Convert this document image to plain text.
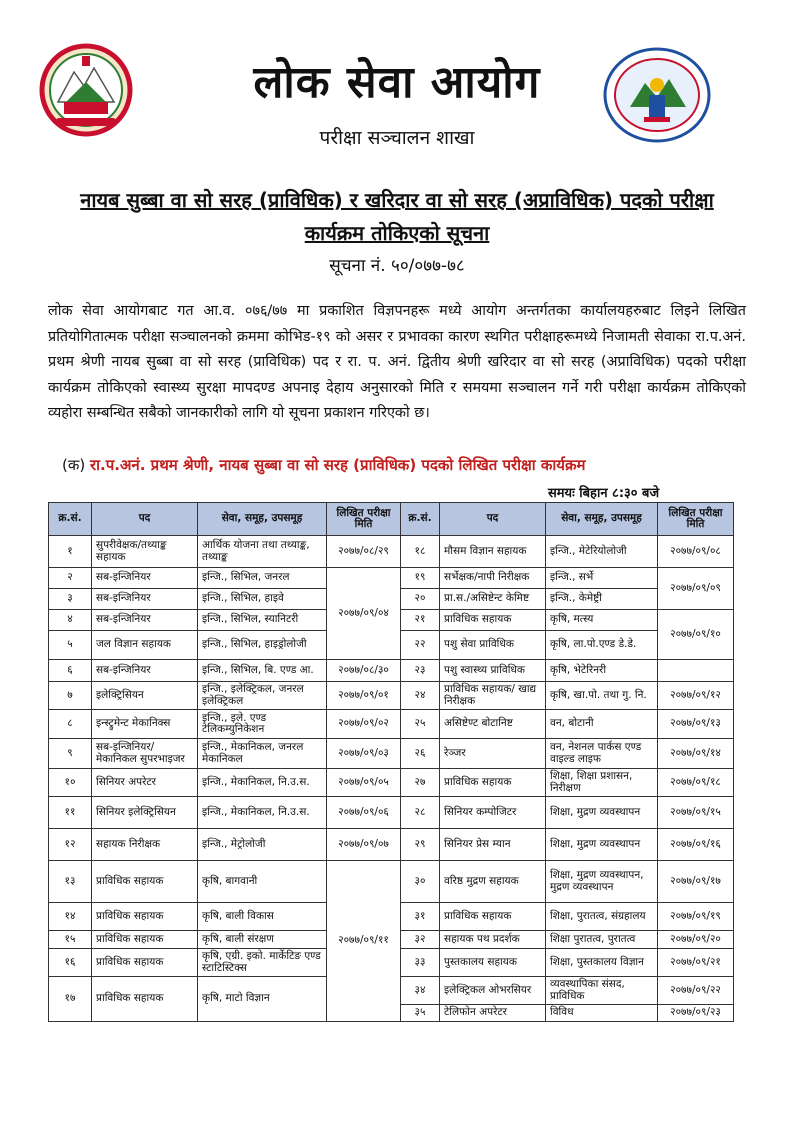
लोक सेवा आयोग
परीक्षा सञ्चालन शाखा
नायब सुब्बा वा सो सरह (प्राविधिक) र खरिदार वा सो सरह (अप्राविधिक) पदको परीक्षा कार्यक्रम तोकिएको सूचना
सूचना नं. ५०/०७७-७८
लोक सेवा आयोगबाट गत आ.व. ०७६/७७ मा प्रकाशित विज्ञपनहरू मध्ये आयोग अन्तर्गतका कार्यालयहरुबाट लिइने लिखित प्रतियोगितात्मक परीक्षा सञ्चालनको क्रममा कोभिड-१९ को असर र प्रभावका कारण स्थगित परीक्षाहरूमध्ये निजामती सेवाका रा.प.अनं. प्रथम श्रेणी नायब सुब्बा वा सो सरह (प्राविधिक) पद र रा. प. अनं. द्वितीय श्रेणी खरिदार वा सो सरह (अप्राविधिक) पदको परीक्षा कार्यक्रम तोकिएको स्वास्थ्य सुरक्षा मापदण्ड अपनाइ देहाय अनुसारको मिति र समयमा सञ्चालन गर्ने गरी परीक्षा कार्यक्रम तोकिएको व्यहोरा सम्बन्धित सबैको जानकारीको लागि यो सूचना प्रकाशन गरिएको छ।
(क) रा.प.अनं. प्रथम श्रेणी, नायब सुब्बा वा सो सरह (प्राविधिक) पदको लिखित परीक्षा कार्यक्रम
समयः बिहान ८:३० बजे
क्र.सं.	पद	सेवा, समूह, उपसमूह	लिखित परीक्षा मिति	क्र.सं.	पद	सेवा, समूह, उपसमूह	लिखित परीक्षा मिति
१	सुपरीवेक्षक/तथ्याङ्क सहायक	आर्थिक योजना तथा तथ्याङ्क, तथ्याङ्क	२०७७/०८/२९	१८	मौसम विज्ञान सहायक	इन्जि., मेटेरियोलोजी	२०७७/०९/०८
२	सब-इन्जिनियर	इन्जि., सिभिल, जनरल	२०७७/०९/०४	१९	सर्भेक्षक/नापी निरीक्षक	इन्जि., सर्भे	२०७७/०९/०९
३	सब-इन्जिनियर	इन्जि., सिभिल, हाइवे		२०	प्रा.स./असिष्टेन्ट केमिष्ट	इन्जि., केमेष्ट्री	
४	सब-इन्जिनियर	इन्जि., सिभिल, स्यानिटरी		२१	प्राविधिक सहायक	कृषि, मत्स्य	२०७७/०९/१०
५	जल विज्ञान सहायक	इन्जि., सिभिल, हाइड्रोलोजी		२२	पशु सेवा प्राविधिक	कृषि, ला.पो.एण्ड डे.डे.	
६	सब-इन्जिनियर	इन्जि., सिभिल, बि. एण्ड आ.	२०७७/०८/३०	२३	पशु स्वास्थ्य प्राविधिक	कृषि, भेटेरिनरी	
७	इलेक्ट्रिसियन	इन्जि., इलेक्ट्रिकल, जनरल इलेक्ट्रिकल	२०७७/०९/०१	२४	प्राविधिक सहायक/ खाद्य निरीक्षक	कृषि, खा.पो. तथा गु. नि.	२०७७/०९/१२
८	इन्स्ट्रुमेन्ट मेकानिक्स	इन्जि., इले. एण्ड टेलिकम्युनिकेशन	२०७७/०९/०२	२५	असिष्टेण्ट बोटानिष्ट	वन, बोटानी	२०७७/०९/१३
९	सब-इन्जिनियर/ मेकानिकल सुपरभाइजर	इन्जि., मेकानिकल, जनरल मेकानिकल	२०७७/०९/०३	२६	रेञ्जर	वन, नेशनल पार्कस एण्ड वाइल्ड लाइफ	२०७७/०९/१४
१०	सिनियर अपरेटर	इन्जि., मेकानिकल, नि.उ.स.	२०७७/०९/०५	२७	प्राविधिक सहायक	शिक्षा, शिक्षा प्रशासन, निरीक्षण	२०७७/०९/१८
११	सिनियर इलेक्ट्रिसियन	इन्जि., मेकानिकल, नि.उ.स.	२०७७/०९/०६	२८	सिनियर कम्पोजिटर	शिक्षा, मुद्रण व्यवस्थापन	२०७७/०९/१५
१२	सहायक निरीक्षक	इन्जि., मेट्रोलोजी	२०७७/०९/०७	२९	सिनियर प्रेस म्यान	शिक्षा, मुद्रण व्यवस्थापन	२०७७/०९/१६
१३	प्राविधिक सहायक	कृषि, बागवानी	२०७७/०९/११	३०	वरिष्ठ मुद्रण सहायक	शिक्षा, मुद्रण व्यवस्थापन, मुद्रण व्यवस्थापन	२०७७/०९/१७
१४	प्राविधिक सहायक	कृषि, बाली विकास		३१	प्राविधिक सहायक	शिक्षा, पुरातत्व, संग्रहालय	२०७७/०९/१९
१५	प्राविधिक सहायक	कृषि, बाली संरक्षण		३२	सहायक पथ प्रदर्शक	शिक्षा पुरातत्व, पुरातत्व	२०७७/०९/२०
१६	प्राविधिक सहायक	कृषि, एग्री. इको. मार्केटिङ एण्ड स्टाटिस्टिक्स		३३	पुस्तकालय सहायक	शिक्षा, पुस्तकालय विज्ञान	२०७७/०९/२१
१७	प्राविधिक सहायक	कृषि, माटो विज्ञान		३४	इलेक्ट्रिकल ओभरसियर	व्यवस्थापिका संसद, प्राविधिक	२०७७/०९/२२
				३५	टेलिफोन अपरेटर	विविध	२०७७/०९/२३
